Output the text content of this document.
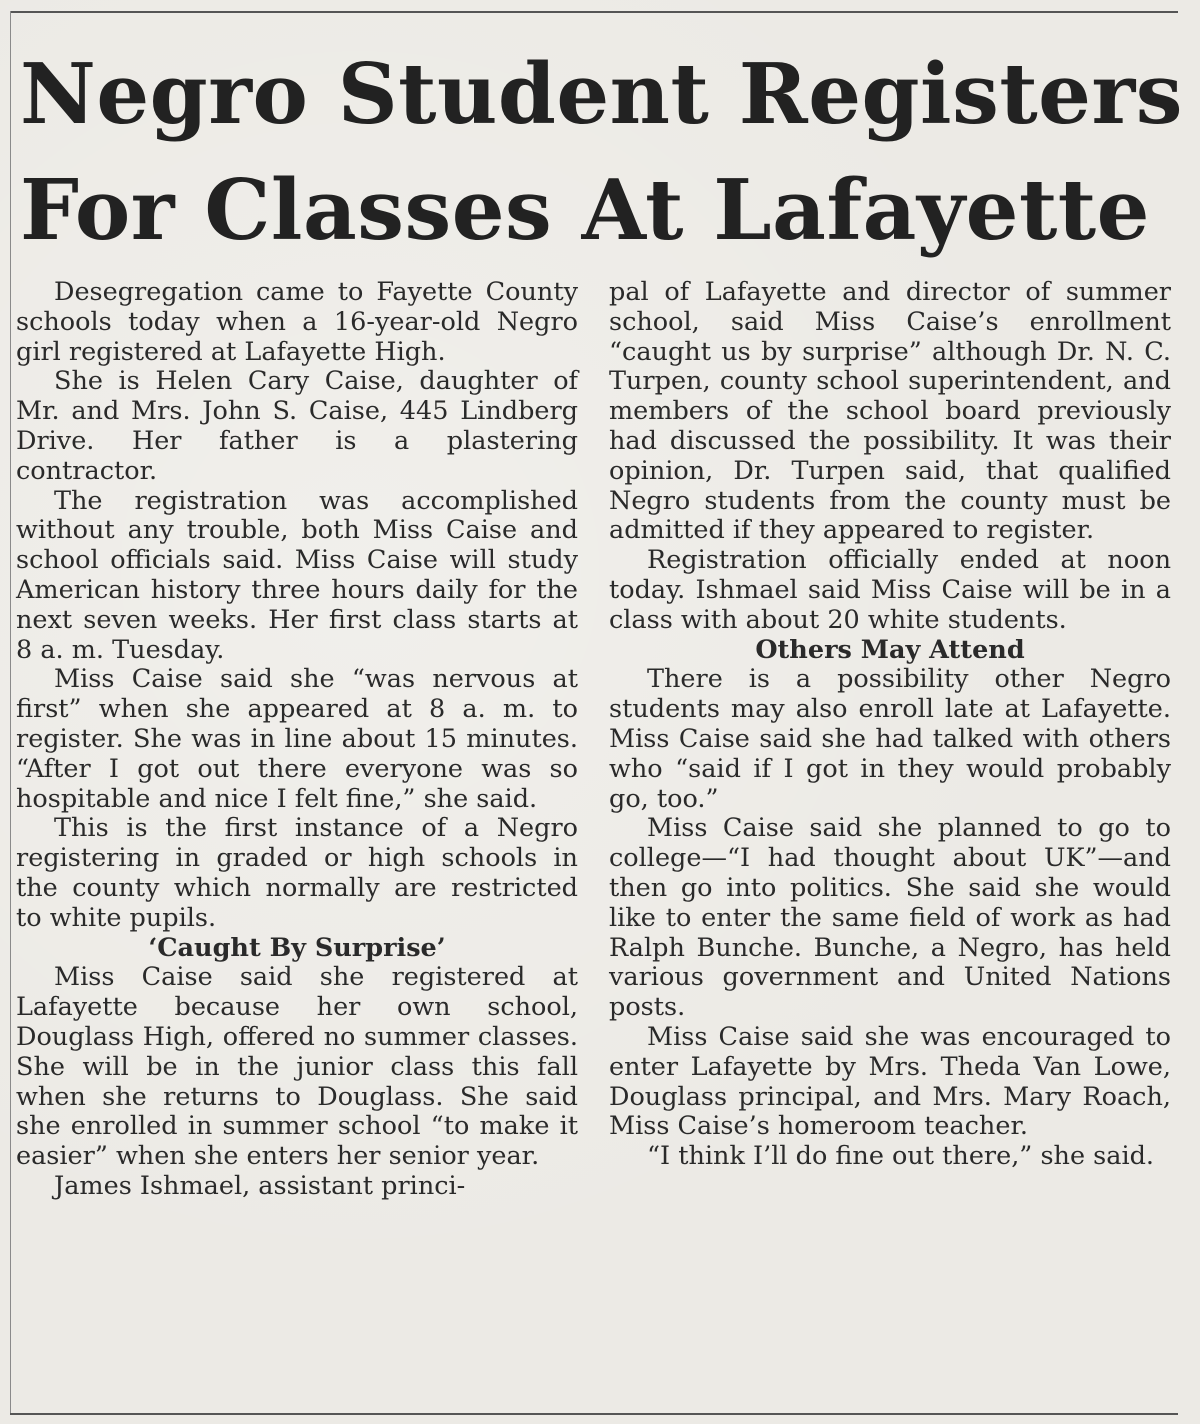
Negro Student Registers
For Classes At Lafayette

Desegregation came to Fayette County schools today when a 16-year-old Negro girl registered at Lafayette High.

She is Helen Cary Caise, daughter of Mr. and Mrs. John S. Caise, 445 Lindberg Drive. Her father is a plastering contractor.

The registration was accomplished without any trouble, both Miss Caise and school officials said. Miss Caise will study American history three hours daily for the next seven weeks. Her first class starts at 8 a. m. Tuesday.

Miss Caise said she “was nervous at first” when she appeared at 8 a. m. to register. She was in line about 15 minutes. “After I got out there everyone was so hospitable and nice I felt fine,” she said.

This is the first instance of a Negro registering in graded or high schools in the county which normally are restricted to white pupils.

‘Caught By Surprise’

Miss Caise said she registered at Lafayette because her own school, Douglass High, offered no summer classes. She will be in the junior class this fall when she returns to Douglass. She said she enrolled in summer school “to make it easier” when she enters her senior year.

James Ishmael, assistant princi-

pal of Lafayette and director of summer school, said Miss Caise’s enrollment “caught us by surprise” although Dr. N. C. Turpen, county school superintendent, and members of the school board previously had discussed the possibility. It was their opinion, Dr. Turpen said, that qualified Negro students from the county must be admitted if they appeared to register.

Registration officially ended at noon today. Ishmael said Miss Caise will be in a class with about 20 white students.

Others May Attend

There is a possibility other Negro students may also enroll late at Lafayette. Miss Caise said she had talked with others who “said if I got in they would probably go, too.”

Miss Caise said she planned to go to college—“I had thought about UK”—and then go into politics. She said she would like to enter the same field of work as had Ralph Bunche. Bunche, a Negro, has held various government and United Nations posts.

Miss Caise said she was encouraged to enter Lafayette by Mrs. Theda Van Lowe, Douglass principal, and Mrs. Mary Roach, Miss Caise’s homeroom teacher.

“I think I’ll do fine out there,” she said.
